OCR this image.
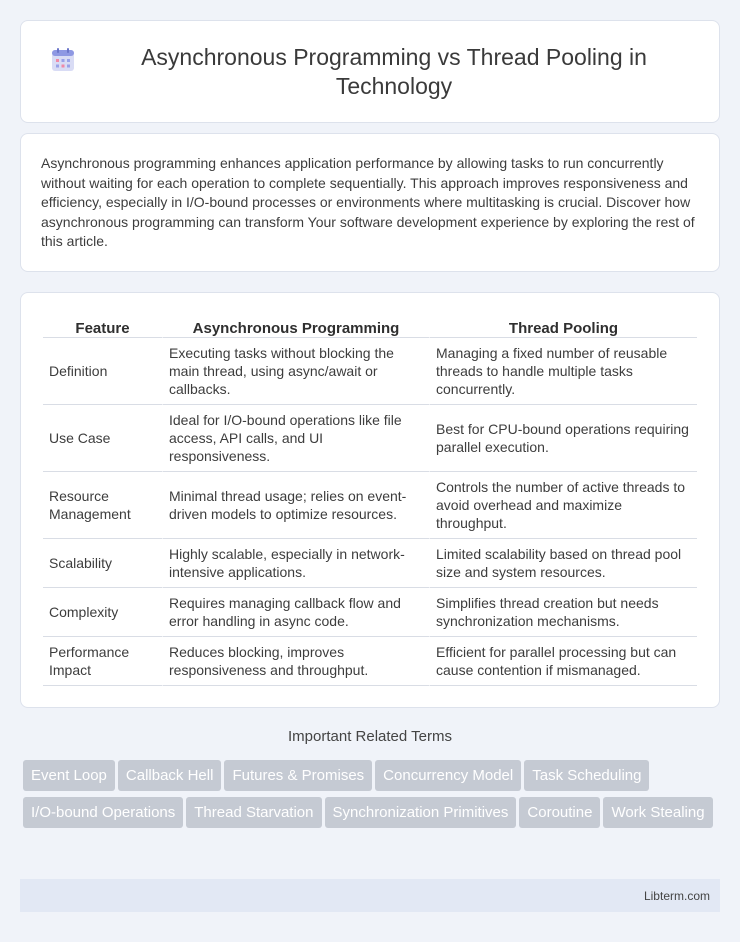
Asynchronous Programming vs Thread Pooling in Technology

Asynchronous programming enhances application performance by allowing tasks to run concurrently without waiting for each operation to complete sequentially. This approach improves responsiveness and efficiency, especially in I/O-bound processes or environments where multitasking is crucial. Discover how asynchronous programming can transform Your software development experience by exploring the rest of this article.

Feature	Asynchronous Programming	Thread Pooling
Definition	Executing tasks without blocking the main thread, using async/await or callbacks.	Managing a fixed number of reusable threads to handle multiple tasks concurrently.
Use Case	Ideal for I/O-bound operations like file access, API calls, and UI responsiveness.	Best for CPU-bound operations requiring parallel execution.
Resource Management	Minimal thread usage; relies on event-driven models to optimize resources.	Controls the number of active threads to avoid overhead and maximize throughput.
Scalability	Highly scalable, especially in network-intensive applications.	Limited scalability based on thread pool size and system resources.
Complexity	Requires managing callback flow and error handling in async code.	Simplifies thread creation but needs synchronization mechanisms.
Performance Impact	Reduces blocking, improves responsiveness and throughput.	Efficient for parallel processing but can cause contention if mismanaged.
Important Related Terms
Event Loop Callback Hell Futures & Promises Concurrency Model Task SchedulingI/O-bound Operations Thread Starvation Synchronization Primitives Coroutine Work Stealing
Libterm.com
